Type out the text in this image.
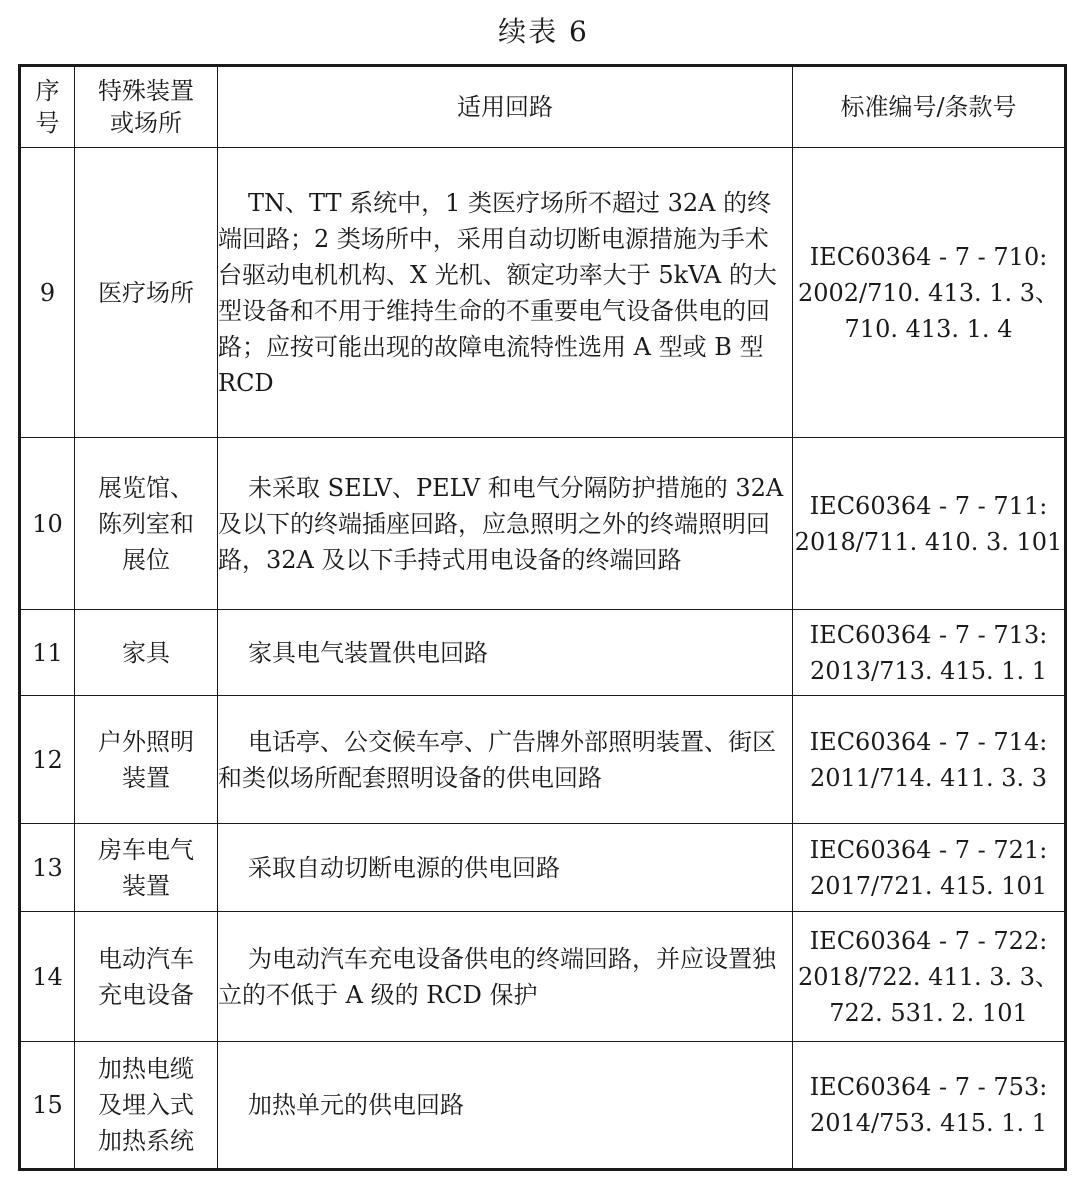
续表 6
序号	特殊装置或场所	适用回路	标准编号/条款号
9	医疗场所	TN、TT 系统中，1 类医疗场所不超过 32A 的终端回路；2 类场所中，采用自动切断电源措施为手术台驱动电机机构、X 光机、额定功率大于 5kVA 的大型设备和不用于维持生命的不重要电气设备供电的回路；应按可能出现的故障电流特性选用 A 型或 B 型 RCD	IEC60364 - 7 - 710:
2002/710. 413. 1. 3、
710. 413. 1. 4

10	展览馆、陈列室和展位	未采取 SELV、PELV 和电气分隔防护措施的 32A 及以下的终端插座回路，应急照明之外的终端照明回路，32A 及以下手持式用电设备的终端回路	IEC60364 - 7 - 711:
2018/711. 410. 3. 101

11	家具	家具电气装置供电回路	IEC60364 - 7 - 713:
2013/713. 415. 1. 1

12	户外照明装置	电话亭、公交候车亭、广告牌外部照明装置、街区和类似场所配套照明设备的供电回路	IEC60364 - 7 - 714:
2011/714. 411. 3. 3

13	房车电气装置	采取自动切断电源的供电回路	IEC60364 - 7 - 721:
2017/721. 415. 101

14	电动汽车充电设备	为电动汽车充电设备供电的终端回路，并应设置独立的不低于 A 级的 RCD 保护	IEC60364 - 7 - 722:
2018/722. 411. 3. 3、
722. 531. 2. 101

15	加热电缆及埋入式加热系统	加热单元的供电回路	IEC60364 - 7 - 753:
2014/753. 415. 1. 1
